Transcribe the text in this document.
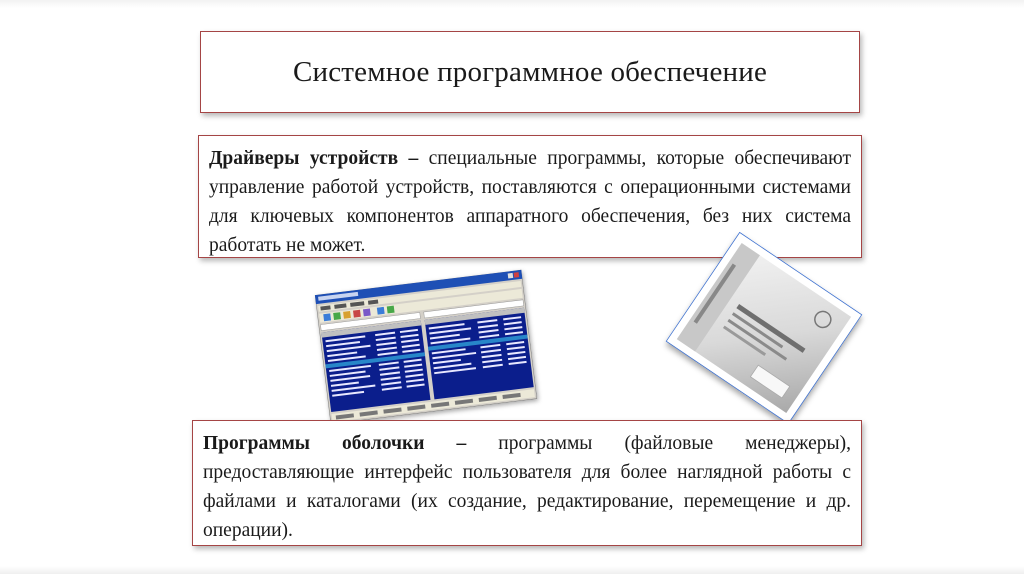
Системное программное обеспечение

Драйверы устройств – специальные программы, которые обеспечивают управление работой устройств, поставляются с операционными системами для ключевых компонентов аппаратного обеспечения, без них система работать не может.

Программы оболочки – программы (файловые менеджеры), предоставляющие интерфейс пользователя для более наглядной работы с файлами и каталогами (их создание, редактирование, перемещение и др. операции).
